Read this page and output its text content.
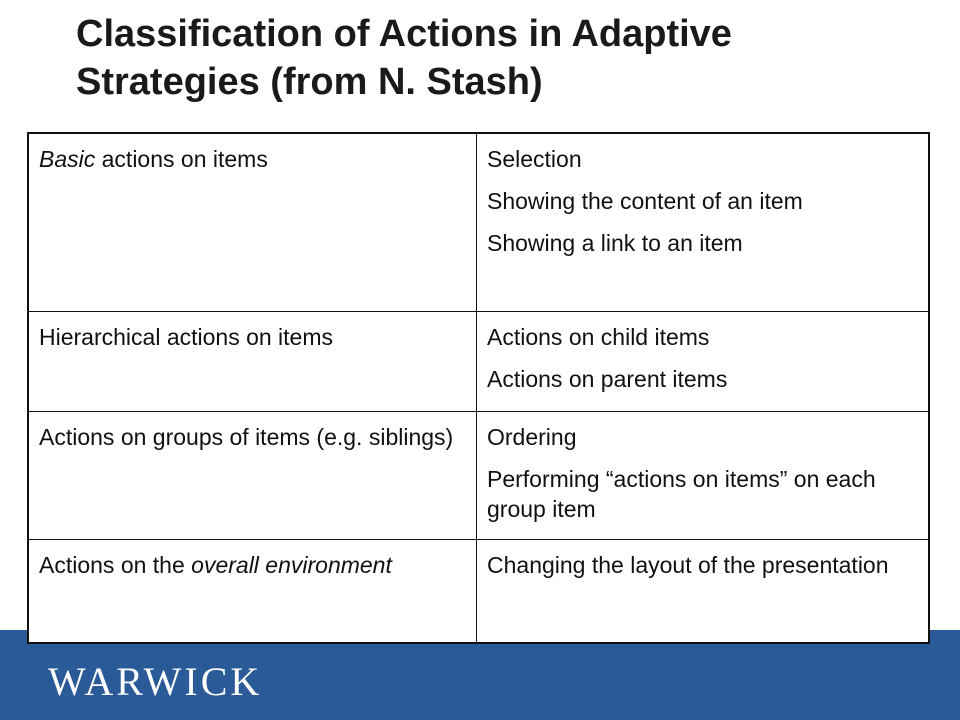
Classification of Actions in Adaptive
Strategies (from N. Stash)
Basic actions on items	Selection
Showing the content of an item
Showing a link to an item
Hierarchical actions on items	Actions on child items
Actions on parent items
Actions on groups of items (e.g. siblings)	Ordering
Performing “actions on items” on each group item
Actions on the overall environment	Changing the layout of the presentation
WARWICK
